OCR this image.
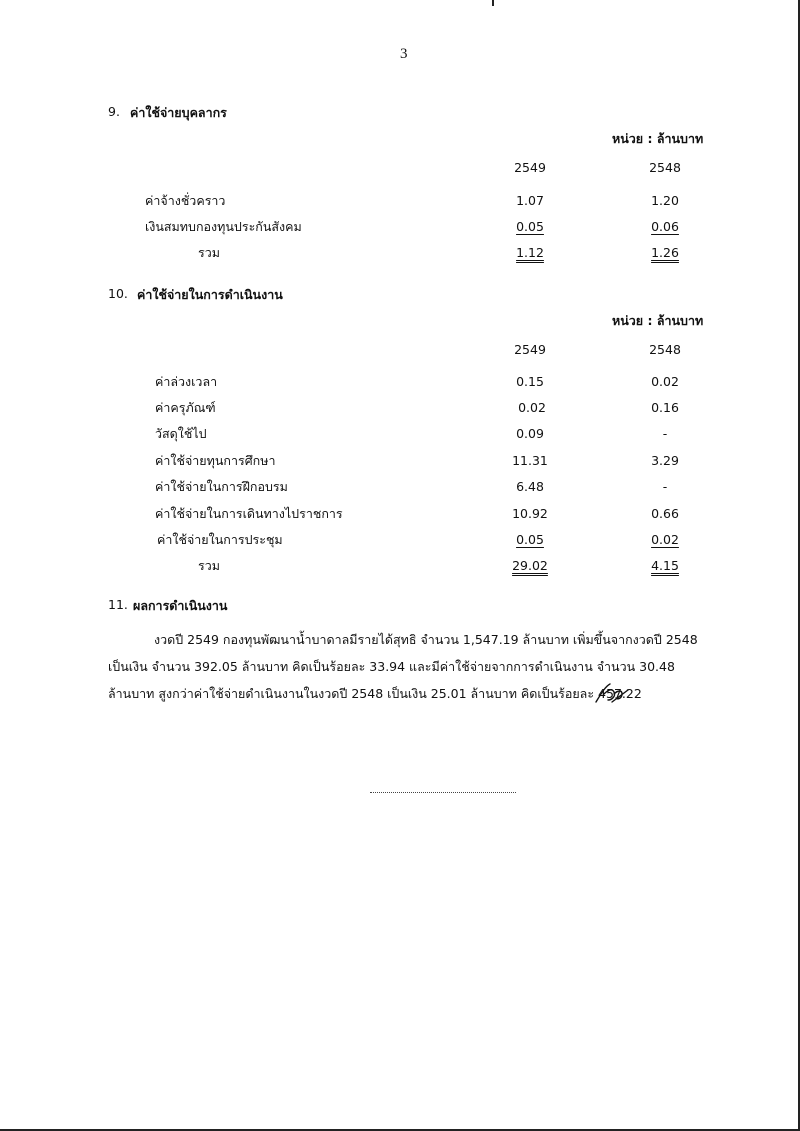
3
9. ค่าใช้จ่ายบุคลากร
หน่วย : ล้านบาท
2549	2548
ค่าจ้างชั่วคราว	1.07	1.20
เงินสมทบกองทุนประกันสังคม	0.05	0.06
รวม	1.12	1.26
10. ค่าใช้จ่ายในการดำเนินงาน
หน่วย : ล้านบาท
2549	2548
ค่าล่วงเวลา	0.15	0.02
ค่าครุภัณฑ์	0.02	0.16
วัสดุใช้ไป	0.09	-
ค่าใช้จ่ายทุนการศึกษา	11.31	3.29
ค่าใช้จ่ายในการฝึกอบรม	6.48	-
ค่าใช้จ่ายในการเดินทางไปราชการ	10.92	0.66
ค่าใช้จ่ายในการประชุม	0.05	0.02
รวม	29.02	4.15
11. ผลการดำเนินงาน
งวดปี 2549 กองทุนพัฒนาน้ำบาดาลมีรายได้สุทธิ จำนวน 1,547.19 ล้านบาท เพิ่มขึ้นจากงวดปี 2548
เป็นเงิน จำนวน 392.05 ล้านบาท คิดเป็นร้อยละ 33.94 และมีค่าใช้จ่ายจากการดำเนินงาน จำนวน 30.48
ล้านบาท สูงกว่าค่าใช้จ่ายดำเนินงานในงวดปี 2548 เป็นเงิน 25.01 ล้านบาท คิดเป็นร้อยละ 457.22
